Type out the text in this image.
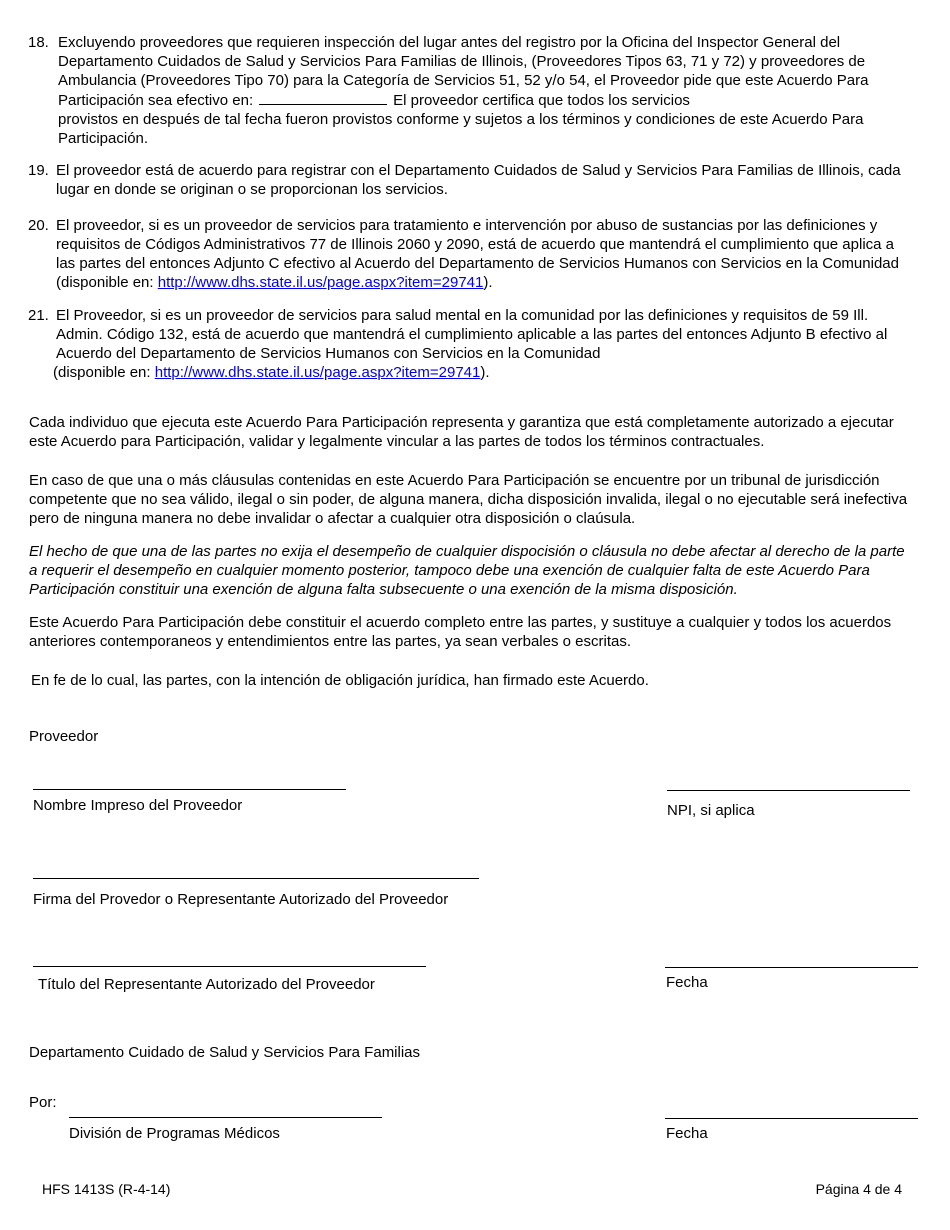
18. Excluyendo proveedores que requieren inspección del lugar antes del registro por la Oficina del Inspector General del Departamento Cuidados de Salud y Servicios Para Familias de Illinois, (Proveedores Tipos 63, 71 y 72) y proveedores de Ambulancia (Proveedores Tipo 70) para la Categoría de Servicios 51, 52 y/o 54, el Proveedor pide que este Acuerdo Para Participación sea efectivo en:	El proveedor certifica que todos los servicios
provistos en después de tal fecha fueron provistos conforme y sujetos a los términos y condiciones de este Acuerdo Para Participación.
19. El proveedor está de acuerdo para registrar con el Departamento Cuidados de Salud y Servicios Para Familias de Illinois, cada lugar en donde se originan o se proporcionan los servicios.
20. El proveedor, si es un proveedor de servicios para tratamiento e intervención por abuso de sustancias por las definiciones y requisitos de Códigos Administrativos 77 de Illinois 2060 y 2090, está de acuerdo que mantendrá el cumplimiento que aplica a las partes del entonces Adjunto C efectivo al Acuerdo del Departamento de Servicios Humanos con Servicios en la Comunidad (disponible en: http://www.dhs.state.il.us/page.aspx?item=29741).
21. El Proveedor, si es un proveedor de servicios para salud mental en la comunidad por las definiciones y requisitos de 59 Ill. Admin. Código 132, está de acuerdo que mantendrá el cumplimiento aplicable a las partes del entonces Adjunto B efectivo al Acuerdo del Departamento de Servicios Humanos con Servicios en la Comunidad
(disponible en: http://www.dhs.state.il.us/page.aspx?item=29741).
Cada individuo que ejecuta este Acuerdo Para Participación representa y garantiza que está completamente autorizado a ejecutar este Acuerdo para Participación, validar y legalmente vincular a las partes de todos los términos contractuales.
En caso de que una o más cláusulas contenidas en este Acuerdo Para Participación se encuentre por un tribunal de jurisdicción competente que no sea válido, ilegal o sin poder, de alguna manera, dicha disposición invalida, ilegal o no ejecutable será inefectiva pero de ninguna manera no debe invalidar o afectar a cualquier otra disposición o claúsula.
El hecho de que una de las partes no exija el desempeño de cualquier dispocisión o cláusula no debe afectar al derecho de la parte a requerir el desempeño en cualquier momento posterior, tampoco debe una exención de cualquier falta de este Acuerdo Para Participación constituir una exención de alguna falta subsecuente o una exención de la misma disposición.
Este Acuerdo Para Participación debe constituir el acuerdo completo entre las partes, y sustituye a cualquier y todos los acuerdos anteriores contemporaneos y entendimientos entre las partes, ya sean verbales o escritas.
En fe de lo cual, las partes, con la intención de obligación jurídica, han firmado este Acuerdo.
Proveedor
Nombre Impreso del Proveedor	NPI, si aplica
Firma del Provedor o Representante Autorizado del Proveedor
Título del Representante Autorizado del Proveedor	Fecha
Departamento Cuidado de Salud y Servicios Para Familias
Por:
División de Programas Médicos	Fecha
HFS 1413S (R-4-14)	Página 4 de 4
